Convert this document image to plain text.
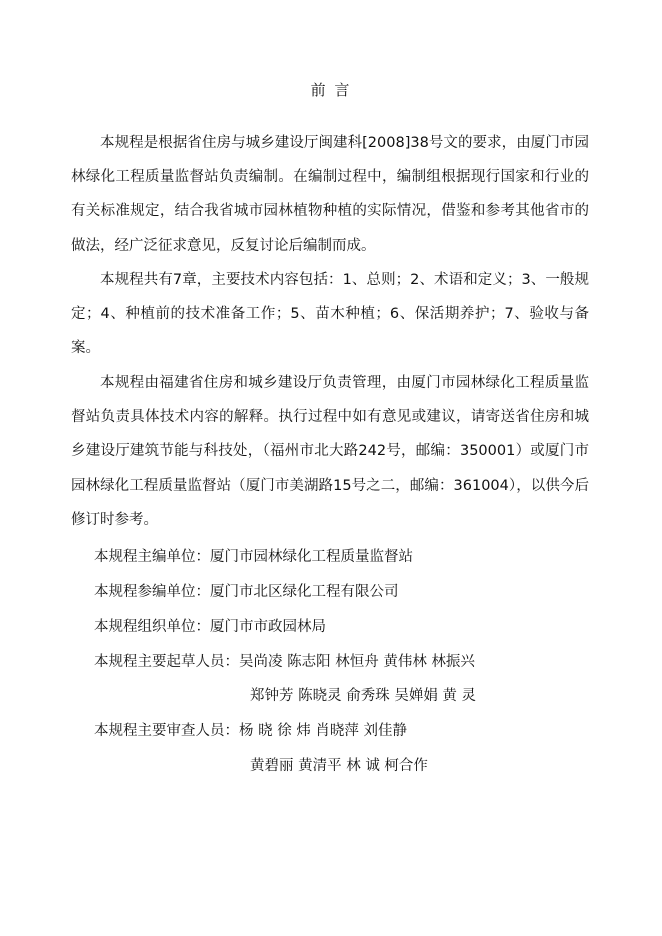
前 言

本规程是根据省住房与城乡建设厅闽建科[2008]38号文的要求，由厦门市园林绿化工程质量监督站负责编制。在编制过程中，编制组根据现行国家和行业的有关标准规定，结合我省城市园林植物种植的实际情况，借鉴和参考其他省市的做法，经广泛征求意见，反复讨论后编制而成。

本规程共有7章，主要技术内容包括：1、总则；2、术语和定义；3、一般规定；4、种植前的技术准备工作；5、苗木种植；6、保活期养护；7、验收与备案。

本规程由福建省住房和城乡建设厅负责管理，由厦门市园林绿化工程质量监督站负责具体技术内容的解释。执行过程中如有意见或建议，请寄送省住房和城乡建设厅建筑节能与科技处，（福州市北大路242号，邮编：350001）或厦门市园林绿化工程质量监督站（厦门市美湖路15号之二，邮编：361004），以供今后修订时参考。

本规程主编单位：厦门市园林绿化工程质量监督站
本规程参编单位：厦门市北区绿化工程有限公司
本规程组织单位：厦门市市政园林局
本规程主要起草人员：吴尚凌 陈志阳 林恒舟 黄伟林 林振兴
郑钟芳 陈晓灵 俞秀珠 吴婵娟 黄 灵
本规程主要审查人员：杨 晓 徐 炜 肖晓萍 刘佳静
黄碧丽 黄清平 林 诚 柯合作
